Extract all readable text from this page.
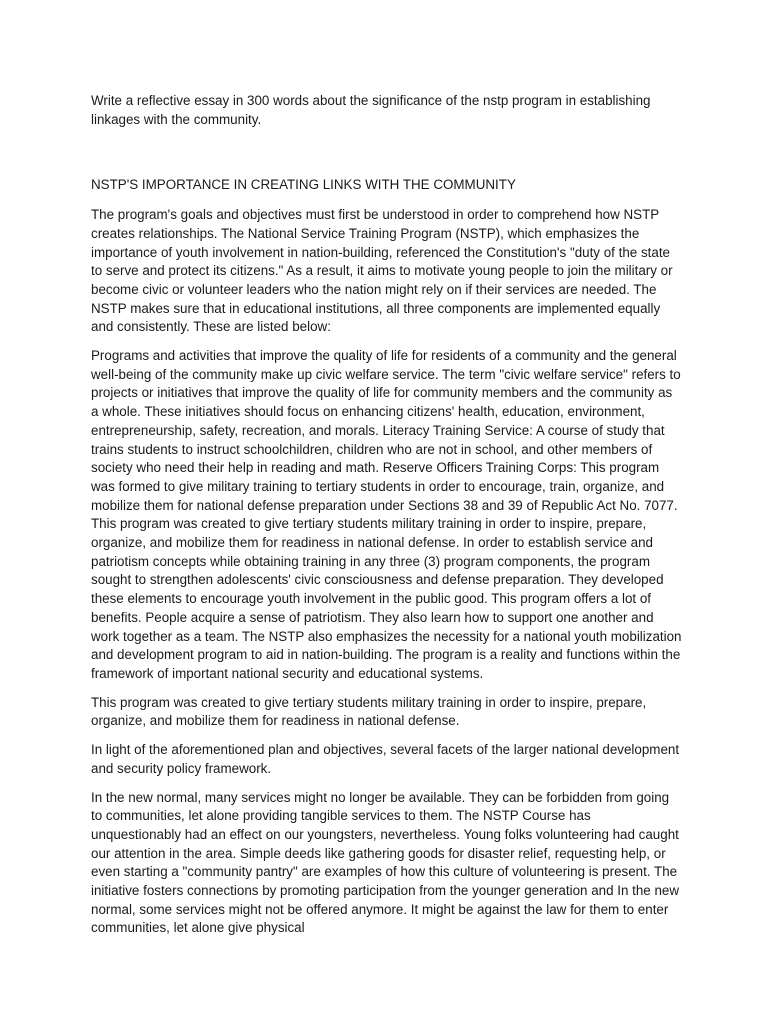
Write a reflective essay in 300 words about the significance of the nstp program in establishing linkages with the community.

NSTP'S IMPORTANCE IN CREATING LINKS WITH THE COMMUNITY

The program's goals and objectives must first be understood in order to comprehend how NSTP creates relationships. The National Service Training Program (NSTP), which emphasizes the importance of youth involvement in nation-building, referenced the Constitution's "duty of the state to serve and protect its citizens." As a result, it aims to motivate young people to join the military or become civic or volunteer leaders who the nation might rely on if their services are needed. The NSTP makes sure that in educational institutions, all three components are implemented equally and consistently. These are listed below:

Programs and activities that improve the quality of life for residents of a community and the general well-being of the community make up civic welfare service. The term "civic welfare service" refers to projects or initiatives that improve the quality of life for community members and the community as a whole. These initiatives should focus on enhancing citizens' health, education, environment, entrepreneurship, safety, recreation, and morals. Literacy Training Service: A course of study that trains students to instruct schoolchildren, children who are not in school, and other members of society who need their help in reading and math. Reserve Officers Training Corps: This program was formed to give military training to tertiary students in order to encourage, train, organize, and mobilize them for national defense preparation under Sections 38 and 39 of Republic Act No. 7077. This program was created to give tertiary students military training in order to inspire, prepare, organize, and mobilize them for readiness in national defense. In order to establish service and patriotism concepts while obtaining training in any three (3) program components, the program sought to strengthen adolescents' civic consciousness and defense preparation. They developed these elements to encourage youth involvement in the public good. This program offers a lot of benefits. People acquire a sense of patriotism. They also learn how to support one another and work together as a team. The NSTP also emphasizes the necessity for a national youth mobilization and development program to aid in nation-building. The program is a reality and functions within the framework of important national security and educational systems.

This program was created to give tertiary students military training in order to inspire, prepare, organize, and mobilize them for readiness in national defense.

In light of the aforementioned plan and objectives, several facets of the larger national development and security policy framework.

In the new normal, many services might no longer be available. They can be forbidden from going to communities, let alone providing tangible services to them. The NSTP Course has unquestionably had an effect on our youngsters, nevertheless. Young folks volunteering had caught our attention in the area. Simple deeds like gathering goods for disaster relief, requesting help, or even starting a "community pantry" are examples of how this culture of volunteering is present. The initiative fosters connections by promoting participation from the younger generation and In the new normal, some services might not be offered anymore. It might be against the law for them to enter communities, let alone give physical
